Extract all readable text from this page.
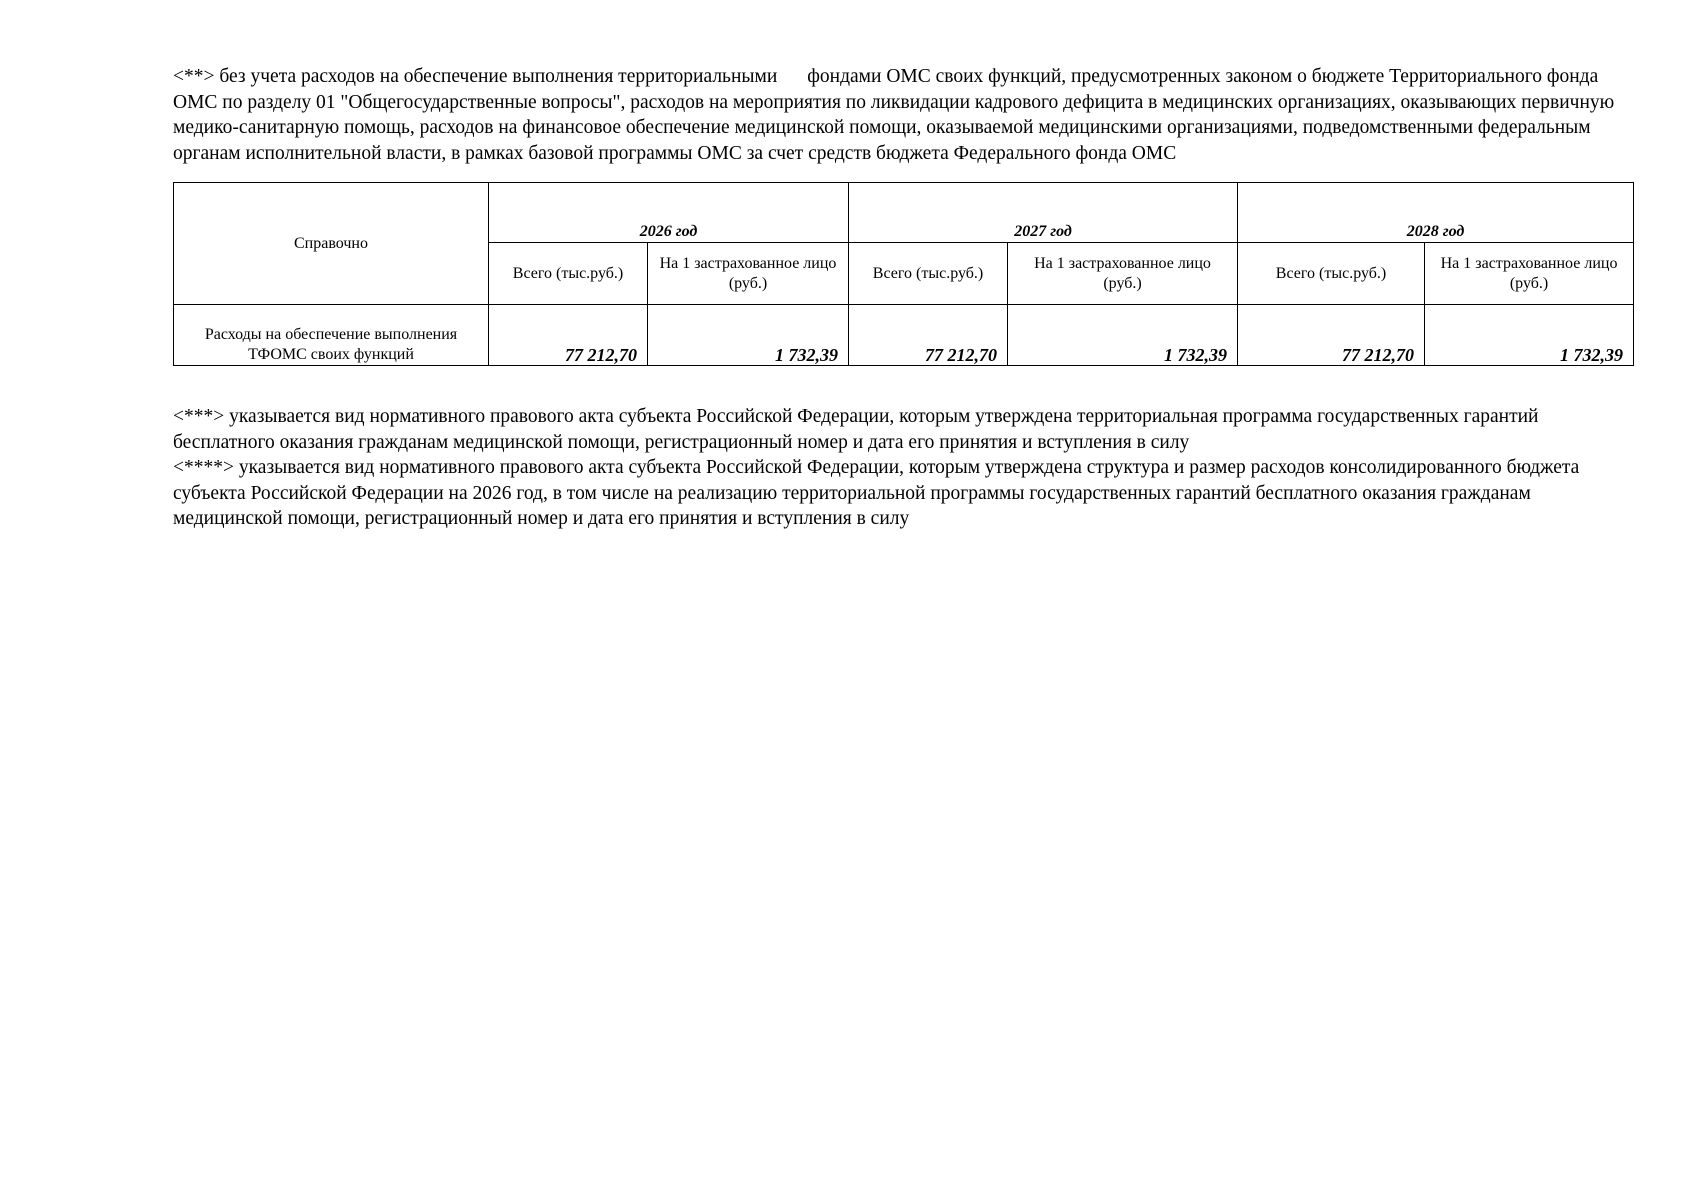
<**> без учета расходов на обеспечение выполнения территориальными фондами ОМС своих функций, предусмотренных законом о бюджете Территориального фонда ОМС по разделу 01 "Общегосударственные вопросы", расходов на мероприятия по ликвидации кадрового дефицита в медицинских организациях, оказывающих первичную медико-санитарную помощь, расходов на финансовое обеспечение медицинской помощи, оказываемой медицинскими организациями, подведомственными федеральным органам исполнительной власти, в рамках базовой программы ОМС за счет средств бюджета Федерального фонда ОМС

Справочно	2026 год		2027 год		2028 год	
	Всего (тыс.руб.)	На 1 застрахованное лицо (руб.)	Всего (тыс.руб.)	На 1 застрахованное лицо (руб.)	Всего (тыс.руб.)	На 1 застрахованное лицо (руб.)
Расходы на обеспечение выполнения ТФОМС своих функций	77 212,70	1 732,39	77 212,70	1 732,39	77 212,70	1 732,39

<***> указывается вид нормативного правового акта субъекта Российской Федерации, которым утверждена территориальная программа государственных гарантий бесплатного оказания гражданам медицинской помощи, регистрационный номер и дата его принятия и вступления в силу

<****> указывается вид нормативного правового акта субъекта Российской Федерации, которым утверждена структура и размер расходов консолидированного бюджета субъекта Российской Федерации на 2026 год, в том числе на реализацию территориальной программы государственных гарантий бесплатного оказания гражданам медицинской помощи, регистрационный номер и дата его принятия и вступления в силу
